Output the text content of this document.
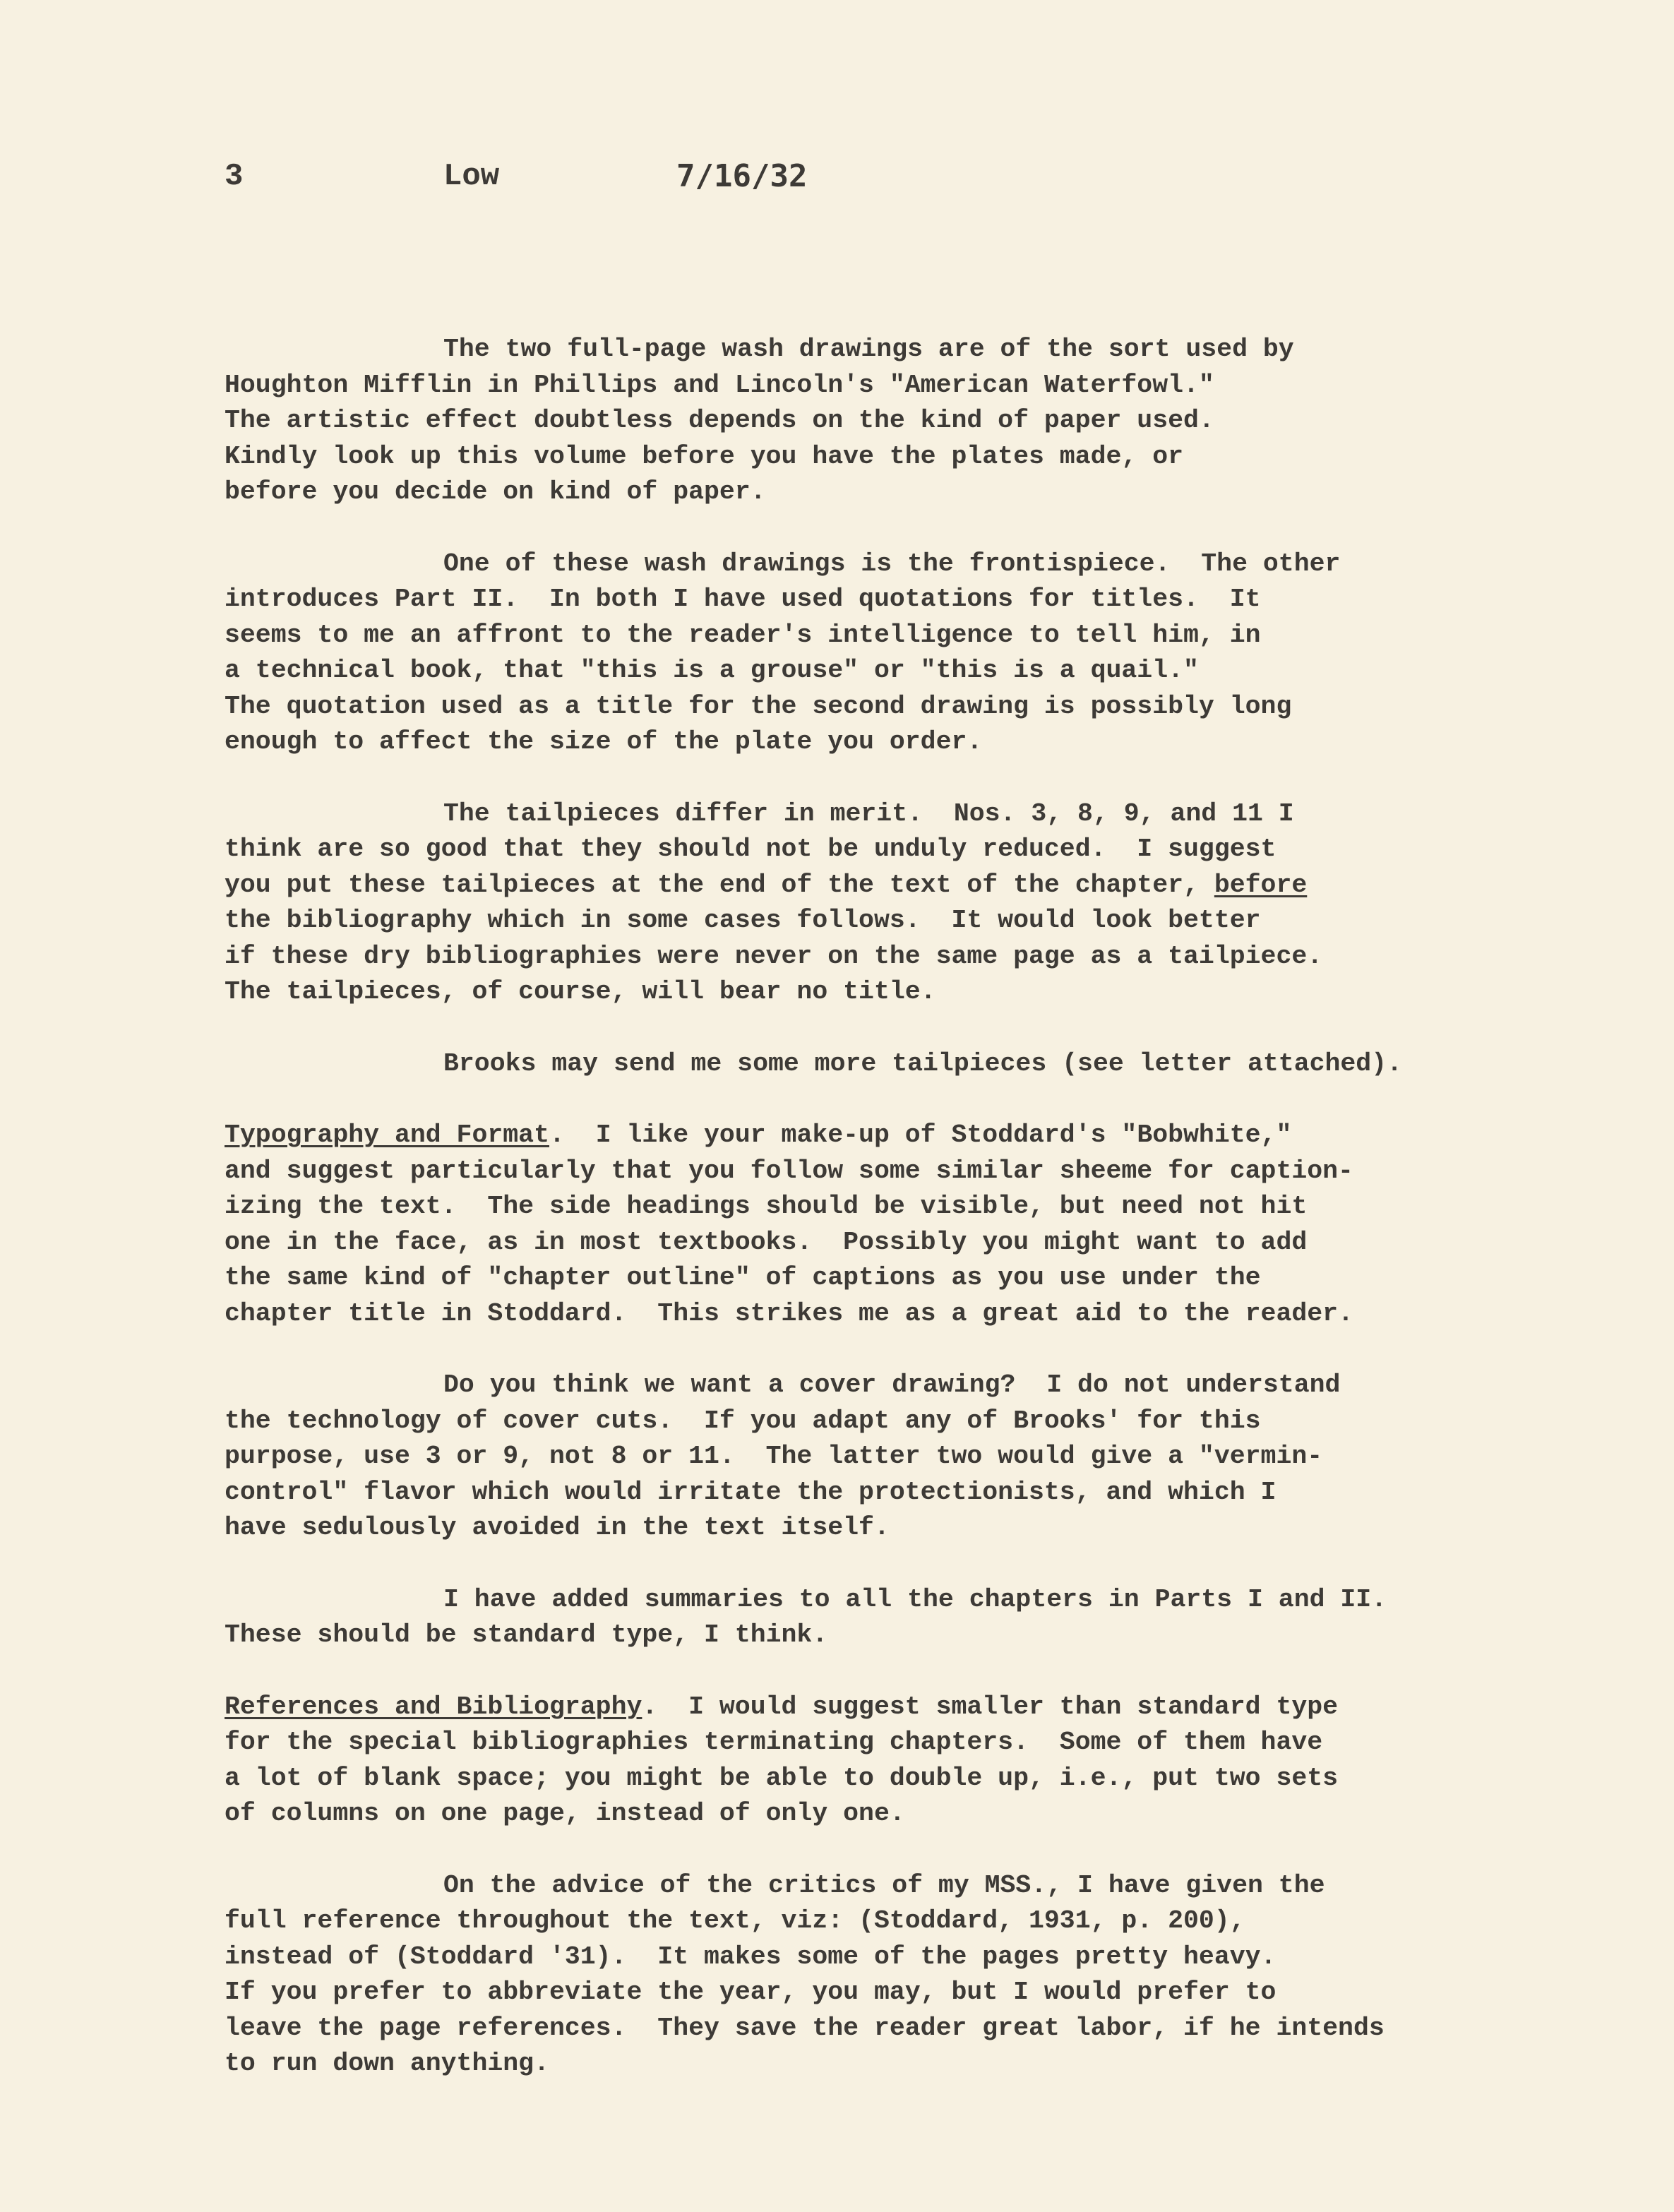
3	Low	7/16/32
The two full-page wash drawings are of the sort used by
Houghton Mifflin in Phillips and Lincoln's "American Waterfowl."
The artistic effect doubtless depends on the kind of paper used.
Kindly look up this volume before you have the plates made, or
before you decide on kind of paper.
One of these wash drawings is the frontispiece.  The other
introduces Part II.  In both I have used quotations for titles.  It
seems to me an affront to the reader's intelligence to tell him, in
a technical book, that "this is a grouse" or "this is a quail."
The quotation used as a title for the second drawing is possibly long
enough to affect the size of the plate you order.
The tailpieces differ in merit.  Nos. 3, 8, 9, and 11 I
think are so good that they should not be unduly reduced.  I suggest
you put these tailpieces at the end of the text of the chapter, before
the bibliography which in some cases follows.  It would look better
if these dry bibliographies were never on the same page as a tailpiece.
The tailpieces, of course, will bear no title.
Brooks may send me some more tailpieces (see letter attached).
Typography and Format.  I like your make-up of Stoddard's "Bobwhite,"
and suggest particularly that you follow some similar sheeme for caption-
izing the text.  The side headings should be visible, but need not hit
one in the face, as in most textbooks.  Possibly you might want to add
the same kind of "chapter outline" of captions as you use under the
chapter title in Stoddard.  This strikes me as a great aid to the reader.
Do you think we want a cover drawing?  I do not understand
the technology of cover cuts.  If you adapt any of Brooks' for this
purpose, use 3 or 9, not 8 or 11.  The latter two would give a "vermin-
control" flavor which would irritate the protectionists, and which I
have sedulously avoided in the text itself.
I have added summaries to all the chapters in Parts I and II.
These should be standard type, I think.
References and Bibliography.  I would suggest smaller than standard type
for the special bibliographies terminating chapters.  Some of them have
a lot of blank space; you might be able to double up, i.e., put two sets
of columns on one page, instead of only one.
On the advice of the critics of my MSS., I have given the
full reference throughout the text, viz: (Stoddard, 1931, p. 200),
instead of (Stoddard '31).  It makes some of the pages pretty heavy.
If you prefer to abbreviate the year, you may, but I would prefer to
leave the page references.  They save the reader great labor, if he intends
to run down anything.
